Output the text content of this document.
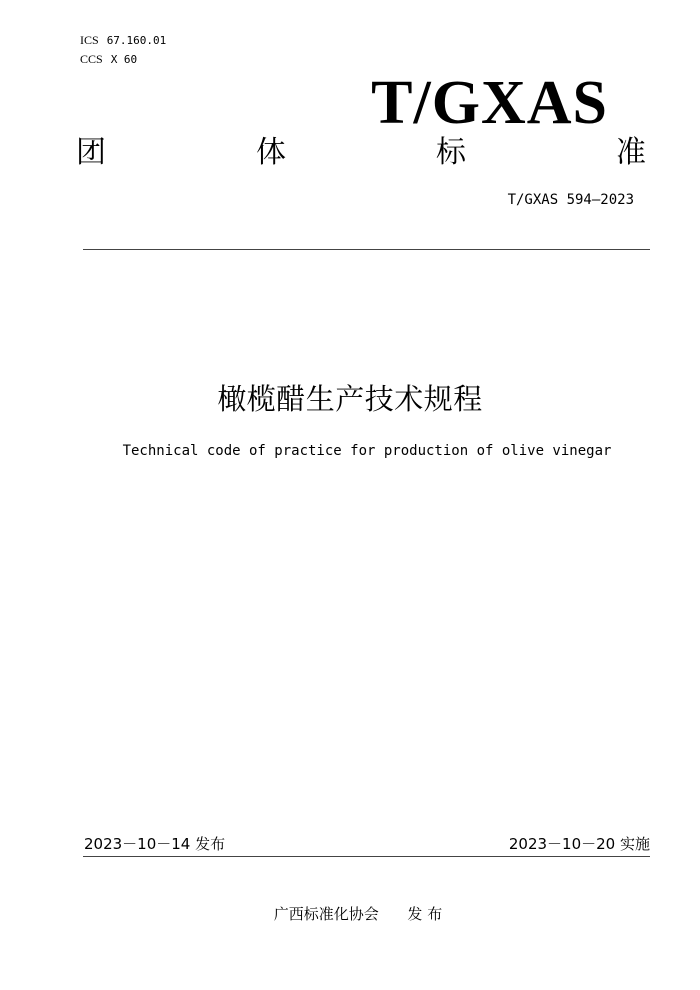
ICS 67.160.01
CCS X 60
T/GXAS
团	体	标	准
T/GXAS 594—2023
橄榄醋生产技术规程
Technical code of practice for production of olive vinegar
2023－10－14 发布	2023－10－20 实施
广西标准化协会 发 布
